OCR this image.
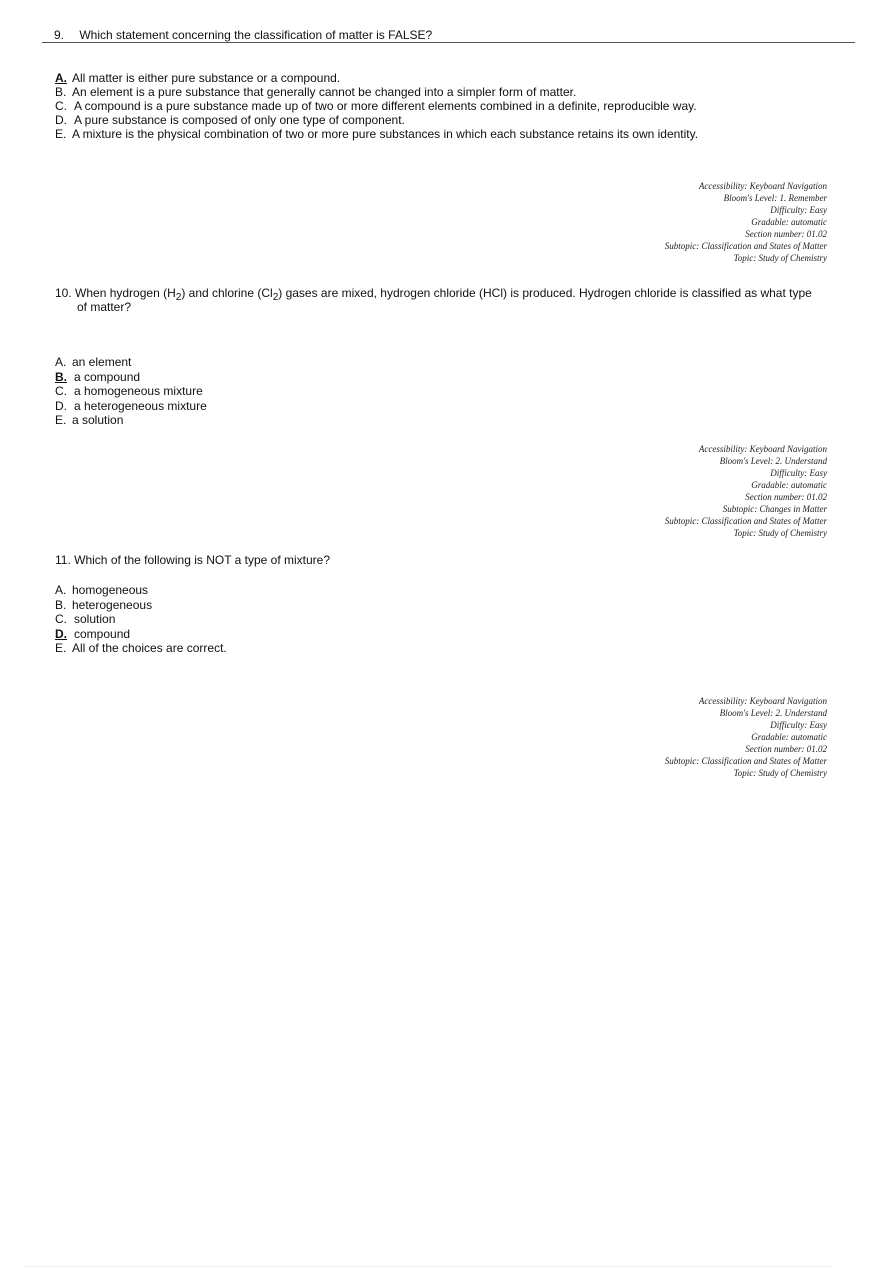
9. Which statement concerning the classification of matter is FALSE?
A. All matter is either pure substance or a compound.
B. An element is a pure substance that generally cannot be changed into a simpler form of matter.
C. A compound is a pure substance made up of two or more different elements combined in a definite, reproducible way.
D. A pure substance is composed of only one type of component.
E. A mixture is the physical combination of two or more pure substances in which each substance retains its own identity.
Accessibility: Keyboard Navigation
Bloom's Level: 1. Remember
Difficulty: Easy
Gradable: automatic
Section number: 01.02
Subtopic: Classification and States of Matter
Topic: Study of Chemistry
10. When hydrogen $(H_2)$ and chlorine $(Cl_2)$ gases are mixed, hydrogen chloride (HCl) is produced. Hydrogen chloride is classified as what type
of matter?
A. an element
B. a compound
C. a homogeneous mixture
D. a heterogeneous mixture
E. a solution
Accessibility: Keyboard Navigation
Bloom's Level: 2. Understand
Difficulty: Easy
Gradable: automatic
Section number: 01.02
Subtopic: Changes in Matter
Subtopic: Classification and States of Matter
Topic: Study of Chemistry
11. Which of the following is NOT a type of mixture?
A. homogeneous
B. heterogeneous
C. solution
D. compound
E. All of the choices are correct.
Accessibility: Keyboard Navigation
Bloom's Level: 2. Understand
Difficulty: Easy
Gradable: automatic
Section number: 01.02
Subtopic: Classification and States of Matter
Topic: Study of Chemistry
